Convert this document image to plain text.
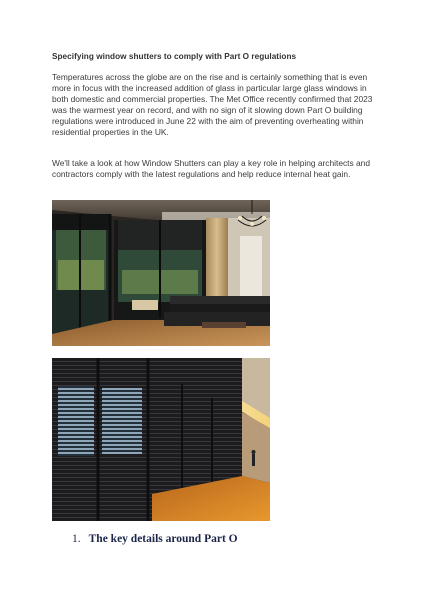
Specifying window shutters to comply with Part O regulations
Temperatures across the globe are on the rise and is certainly something that is even more in focus with the increased addition of glass in particular large glass windows in both domestic and commercial properties. The Met Office recently confirmed that 2023 was the warmest year on record, and with no sign of it slowing down Part O building regulations were introduced in June 22 with the aim of preventing overheating within residential properties in the UK.
We'll take a look at how Window Shutters can play a key role in helping architects and contractors comply with the latest regulations and help reduce internal heat gain.
1. The key details around Part O
